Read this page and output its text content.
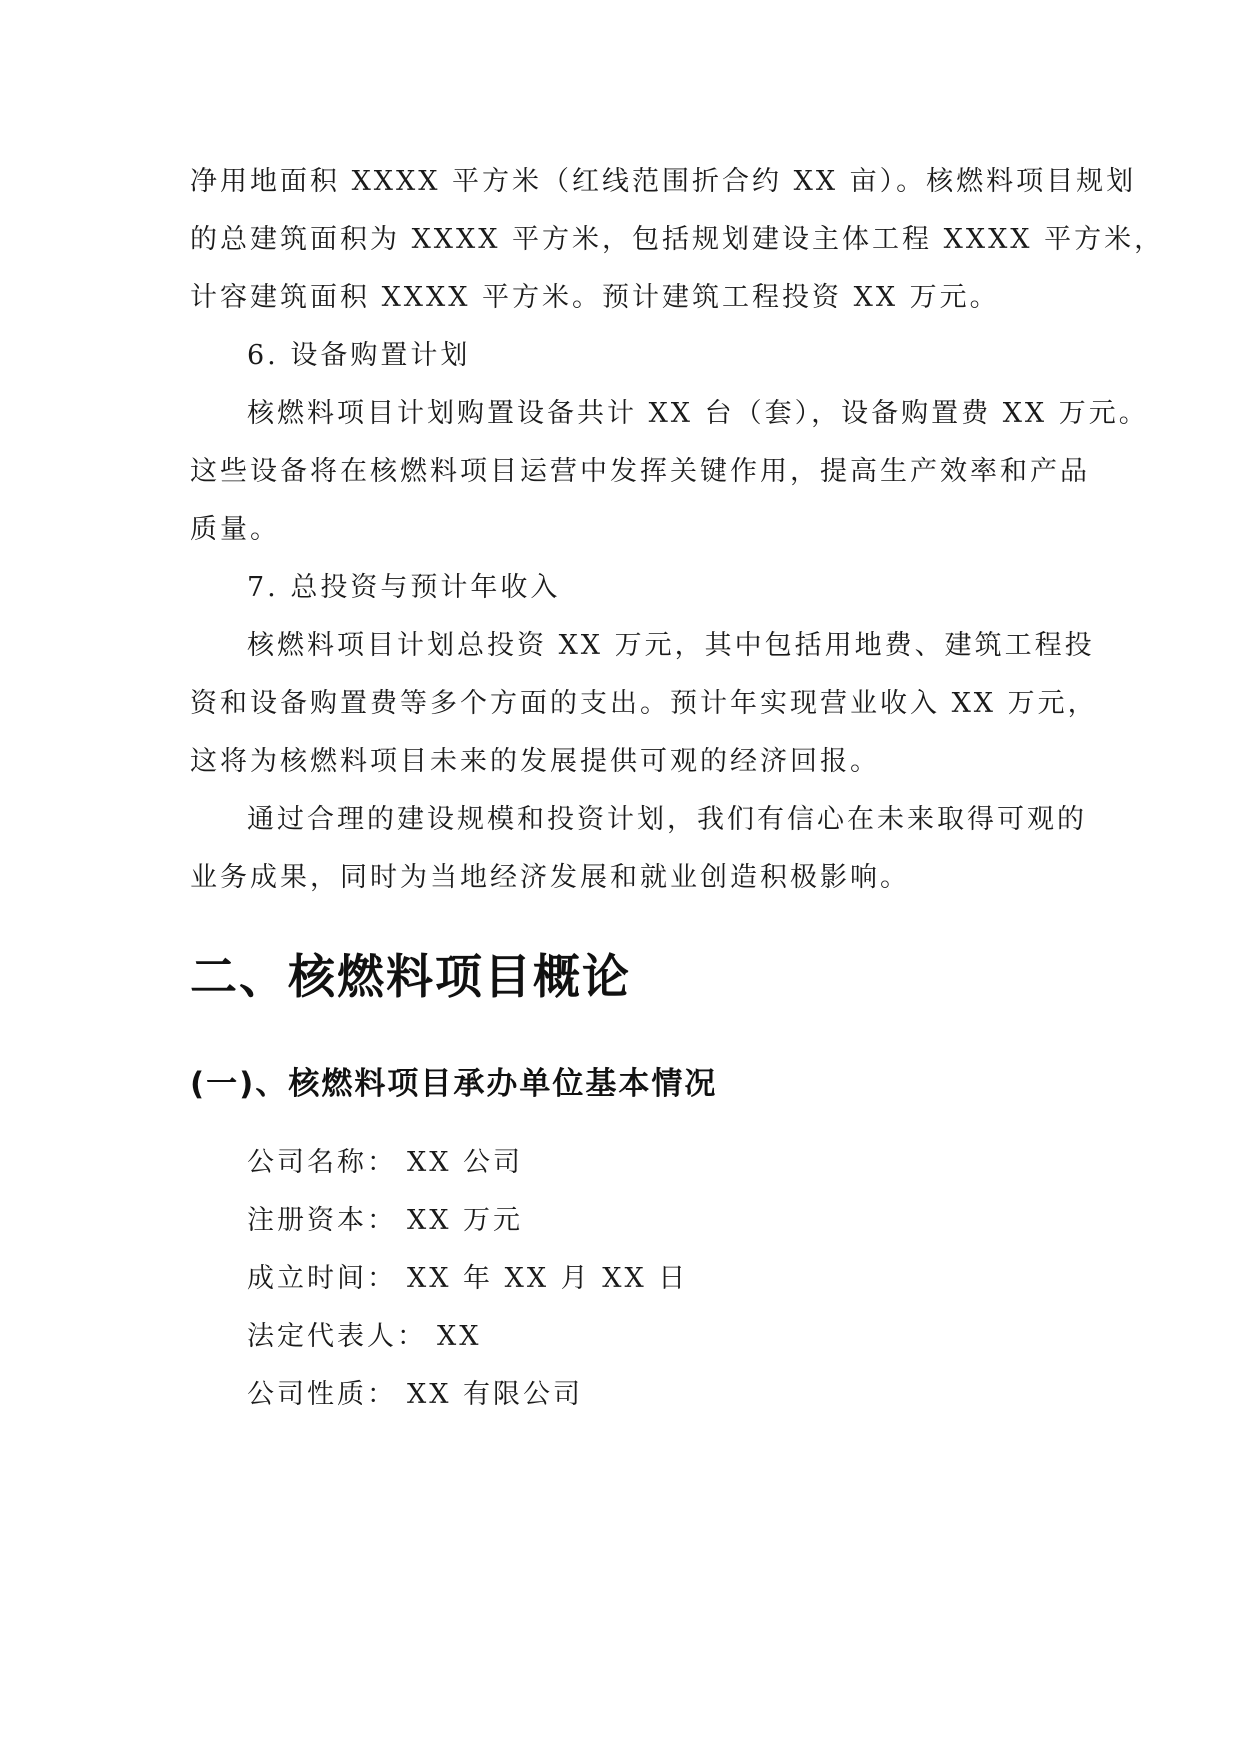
净用地面积 XXXX 平方米（红线范围折合约 XX 亩）。核燃料项目规划
的总建筑面积为 XXXX 平方米，包括规划建设主体工程 XXXX 平方米，
计容建筑面积 XXXX 平方米。预计建筑工程投资 XX 万元。
6. 设备购置计划
核燃料项目计划购置设备共计 XX 台（套），设备购置费 XX 万元。
这些设备将在核燃料项目运营中发挥关键作用，提高生产效率和产品
质量。
7. 总投资与预计年收入
核燃料项目计划总投资 XX 万元，其中包括用地费、建筑工程投
资和设备购置费等多个方面的支出。预计年实现营业收入 XX 万元，
这将为核燃料项目未来的发展提供可观的经济回报。
通过合理的建设规模和投资计划，我们有信心在未来取得可观的
业务成果，同时为当地经济发展和就业创造积极影响。
二、核燃料项目概论
(一)、核燃料项目承办单位基本情况
公司名称： XX 公司
注册资本： XX 万元
成立时间： XX 年 XX 月 XX 日
法定代表人： XX
公司性质： XX 有限公司
